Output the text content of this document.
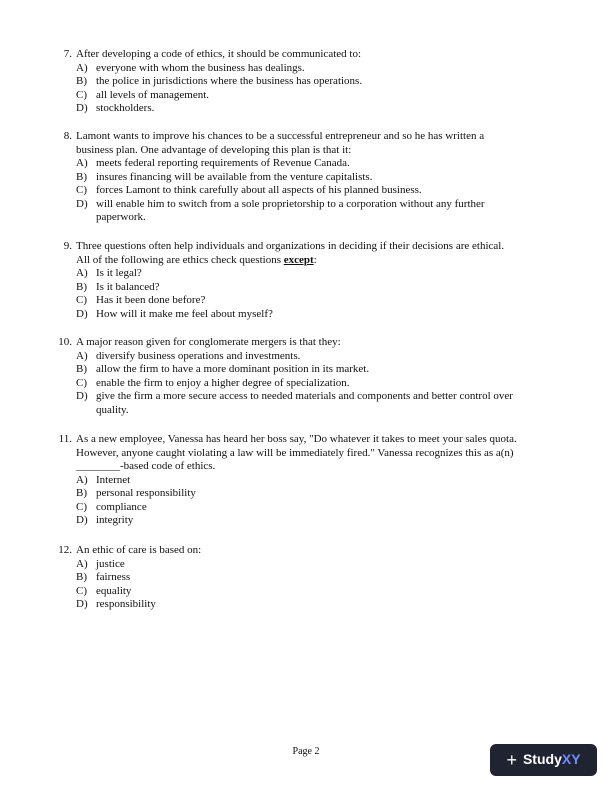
7. After developing a code of ethics, it should be communicated to:
A) everyone with whom the business has dealings.
B) the police in jurisdictions where the business has operations.
C) all levels of management.
D) stockholders.
8. Lamont wants to improve his chances to be a successful entrepreneur and so he has written a business plan. One advantage of developing this plan is that it:
A) meets federal reporting requirements of Revenue Canada.
B) insures financing will be available from the venture capitalists.
C) forces Lamont to think carefully about all aspects of his planned business.
D) will enable him to switch from a sole proprietorship to a corporation without any further paperwork.
9. Three questions often help individuals and organizations in deciding if their decisions are ethical. All of the following are ethics check questions except:
A) Is it legal?
B) Is it balanced?
C) Has it been done before?
D) How will it make me feel about myself?
10. A major reason given for conglomerate mergers is that they:
A) diversify business operations and investments.
B) allow the firm to have a more dominant position in its market.
C) enable the firm to enjoy a higher degree of specialization.
D) give the firm a more secure access to needed materials and components and better control over quality.
11. As a new employee, Vanessa has heard her boss say, "Do whatever it takes to meet your sales quota. However, anyone caught violating a law will be immediately fired." Vanessa recognizes this as a(n) ________-based code of ethics.
A) Internet
B) personal responsibility
C) compliance
D) integrity
12. An ethic of care is based on:
A) justice
B) fairness
C) equality
D) responsibility
Page 2	+ StudyXY
